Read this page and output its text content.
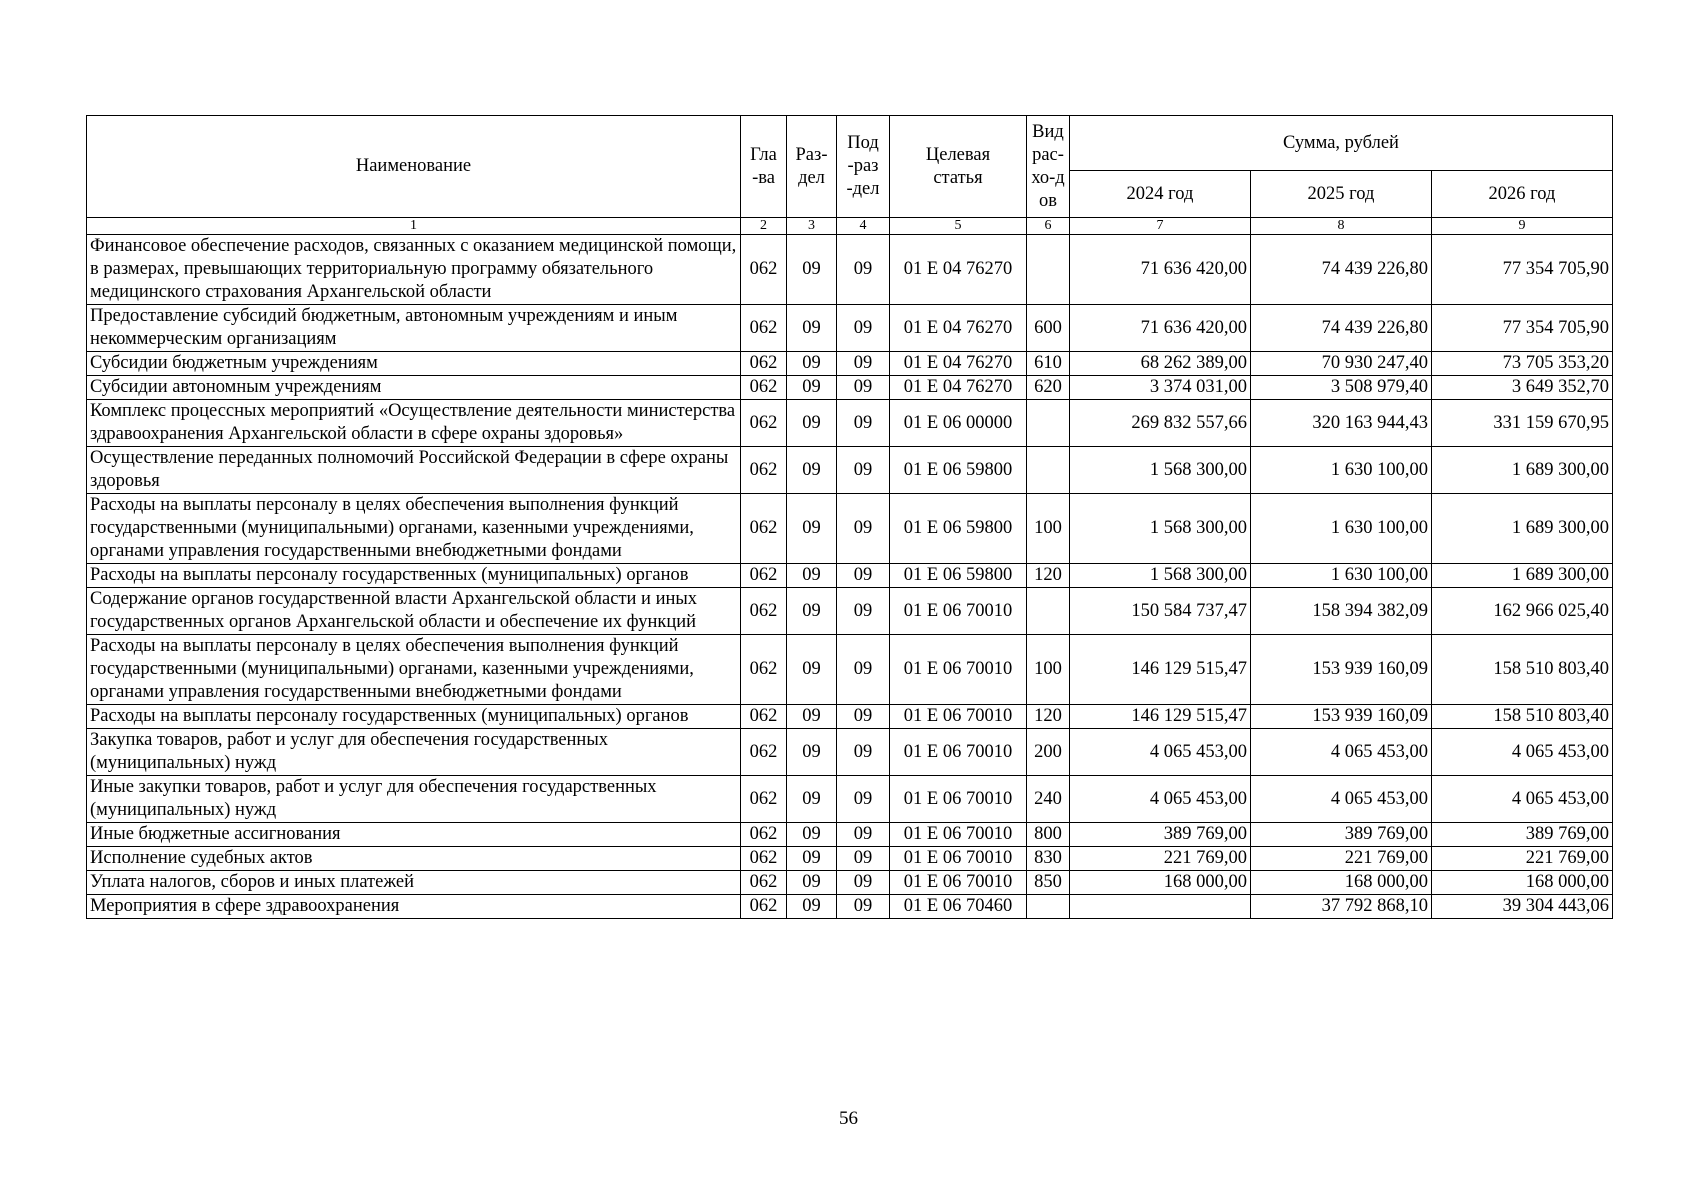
Наименование	Гла-ва	Раз-дел	Под-раз-дел	Целевая статья	Вид рас-хо-дов	Сумма, рублей		
						2024 год	2025 год	2026 год
1	2	3	4	5	6	7	8	9
Финансовое обеспечение расходов, связанных с оказанием медицинской помощи, в размерах, превышающих территориальную программу обязательного медицинского страхования Архангельской области	062	09	09	01 Е 04 76270		71 636 420,00	74 439 226,80	77 354 705,90
Предоставление субсидий бюджетным, автономным учреждениям и иным некоммерческим организациям	062	09	09	01 Е 04 76270	600	71 636 420,00	74 439 226,80	77 354 705,90
Субсидии бюджетным учреждениям	062	09	09	01 Е 04 76270	610	68 262 389,00	70 930 247,40	73 705 353,20
Субсидии автономным учреждениям	062	09	09	01 Е 04 76270	620	3 374 031,00	3 508 979,40	3 649 352,70
Комплекс процессных мероприятий «Осуществление деятельности министерства здравоохранения Архангельской области в сфере охраны здоровья»	062	09	09	01 Е 06 00000		269 832 557,66	320 163 944,43	331 159 670,95
Осуществление переданных полномочий Российской Федерации в сфере охраны здоровья	062	09	09	01 Е 06 59800		1 568 300,00	1 630 100,00	1 689 300,00
Расходы на выплаты персоналу в целях обеспечения выполнения функций государственными (муниципальными) органами, казенными учреждениями, органами управления государственными внебюджетными фондами	062	09	09	01 Е 06 59800	100	1 568 300,00	1 630 100,00	1 689 300,00
Расходы на выплаты персоналу государственных (муниципальных) органов	062	09	09	01 Е 06 59800	120	1 568 300,00	1 630 100,00	1 689 300,00
Содержание органов государственной власти Архангельской области и иных государственных органов Архангельской области и обеспечение их функций	062	09	09	01 Е 06 70010		150 584 737,47	158 394 382,09	162 966 025,40
Расходы на выплаты персоналу в целях обеспечения выполнения функций государственными (муниципальными) органами, казенными учреждениями, органами управления государственными внебюджетными фондами	062	09	09	01 Е 06 70010	100	146 129 515,47	153 939 160,09	158 510 803,40
Расходы на выплаты персоналу государственных (муниципальных) органов	062	09	09	01 Е 06 70010	120	146 129 515,47	153 939 160,09	158 510 803,40
Закупка товаров, работ и услуг для обеспечения государственных (муниципальных) нужд	062	09	09	01 Е 06 70010	200	4 065 453,00	4 065 453,00	4 065 453,00
Иные закупки товаров, работ и услуг для обеспечения государственных (муниципальных) нужд	062	09	09	01 Е 06 70010	240	4 065 453,00	4 065 453,00	4 065 453,00
Иные бюджетные ассигнования	062	09	09	01 Е 06 70010	800	389 769,00	389 769,00	389 769,00
Исполнение судебных актов	062	09	09	01 Е 06 70010	830	221 769,00	221 769,00	221 769,00
Уплата налогов, сборов и иных платежей	062	09	09	01 Е 06 70010	850	168 000,00	168 000,00	168 000,00
Мероприятия в сфере здравоохранения	062	09	09	01 Е 06 70460			37 792 868,10	39 304 443,06
56
